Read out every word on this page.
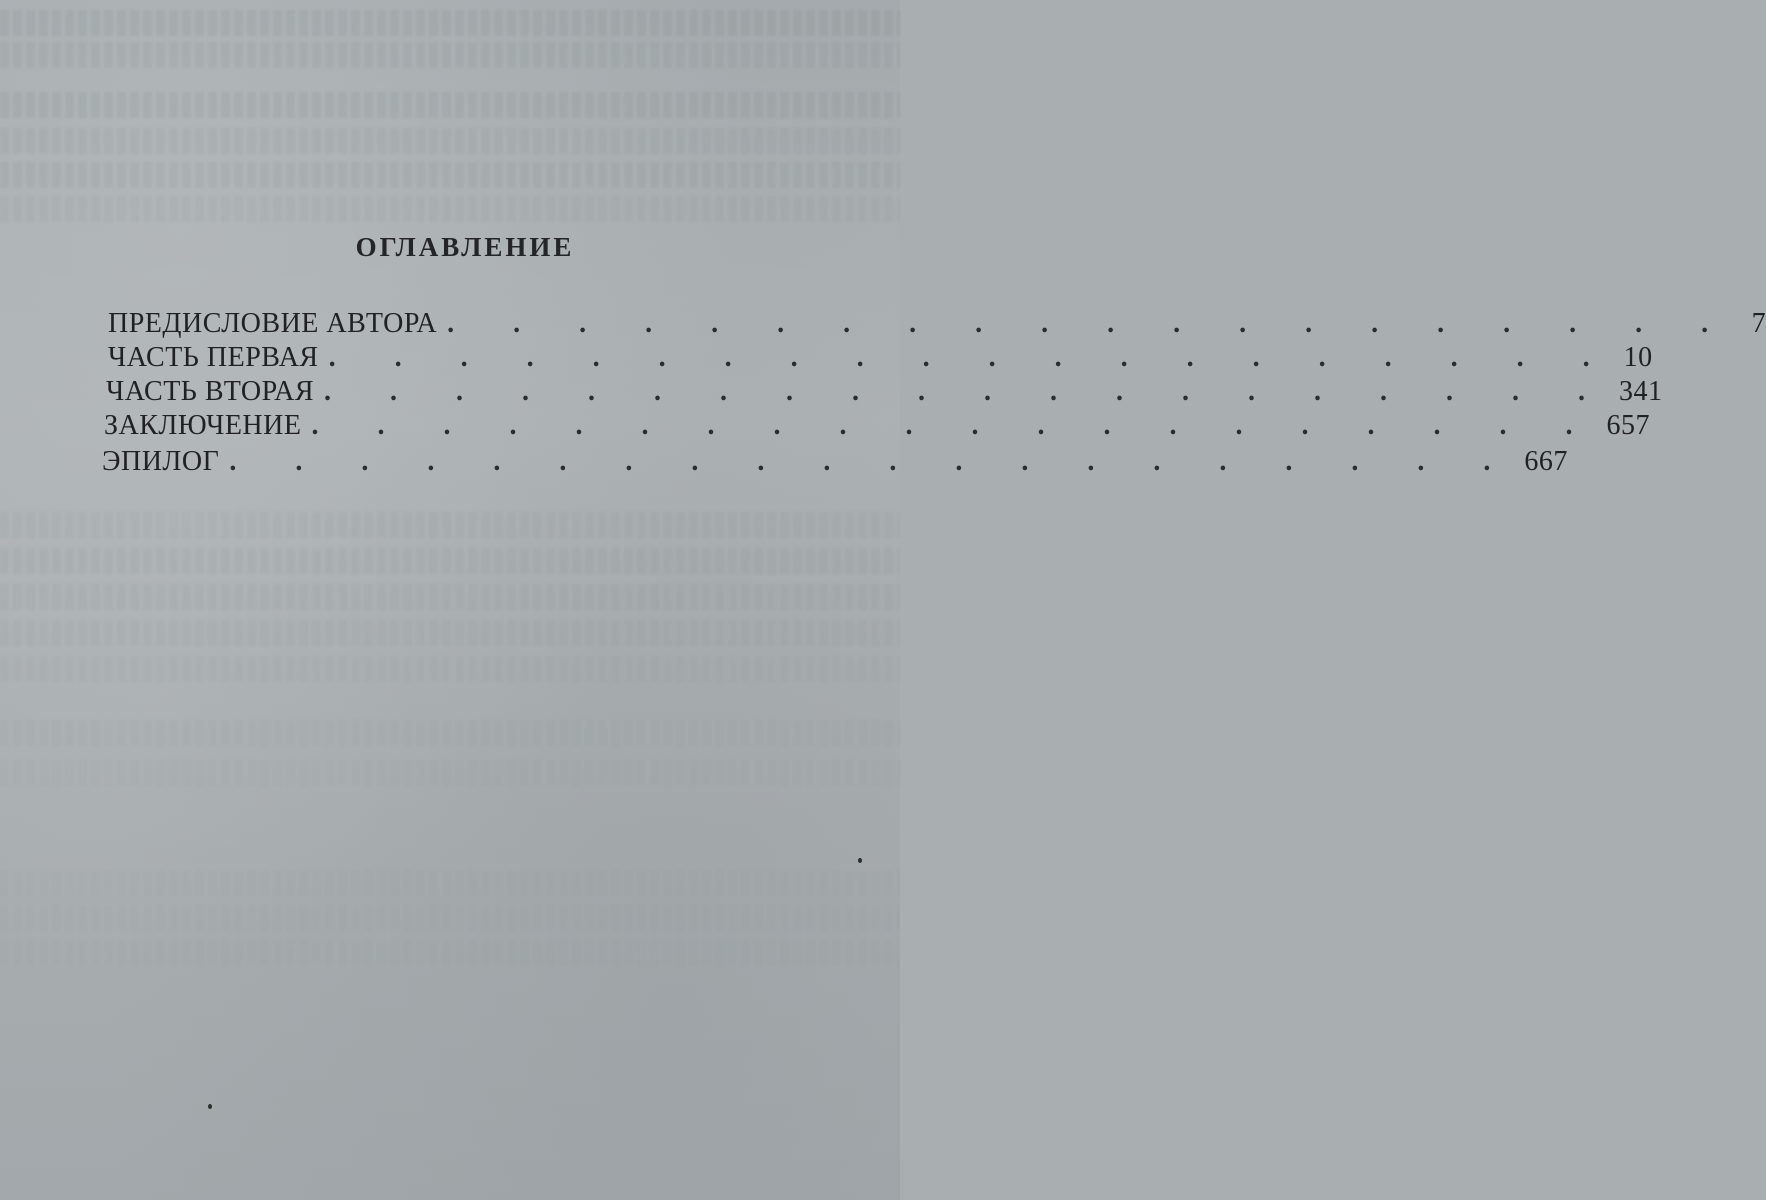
ОГЛАВЛЕНИЕ
ПРЕДИСЛОВИЕ АВТОРА . . . . . . . . . . . . . . . . . . . . 7
ЧАСТЬ ПЕРВАЯ . . . . . . . . . . . . . . . . . . . . 10
ЧАСТЬ ВТОРАЯ . . . . . . . . . . . . . . . . . . . . 341
ЗАКЛЮЧЕНИЕ . . . . . . . . . . . . . . . . . . . . 657
ЭПИЛОГ . . . . . . . . . . . . . . . . . . . . 667
